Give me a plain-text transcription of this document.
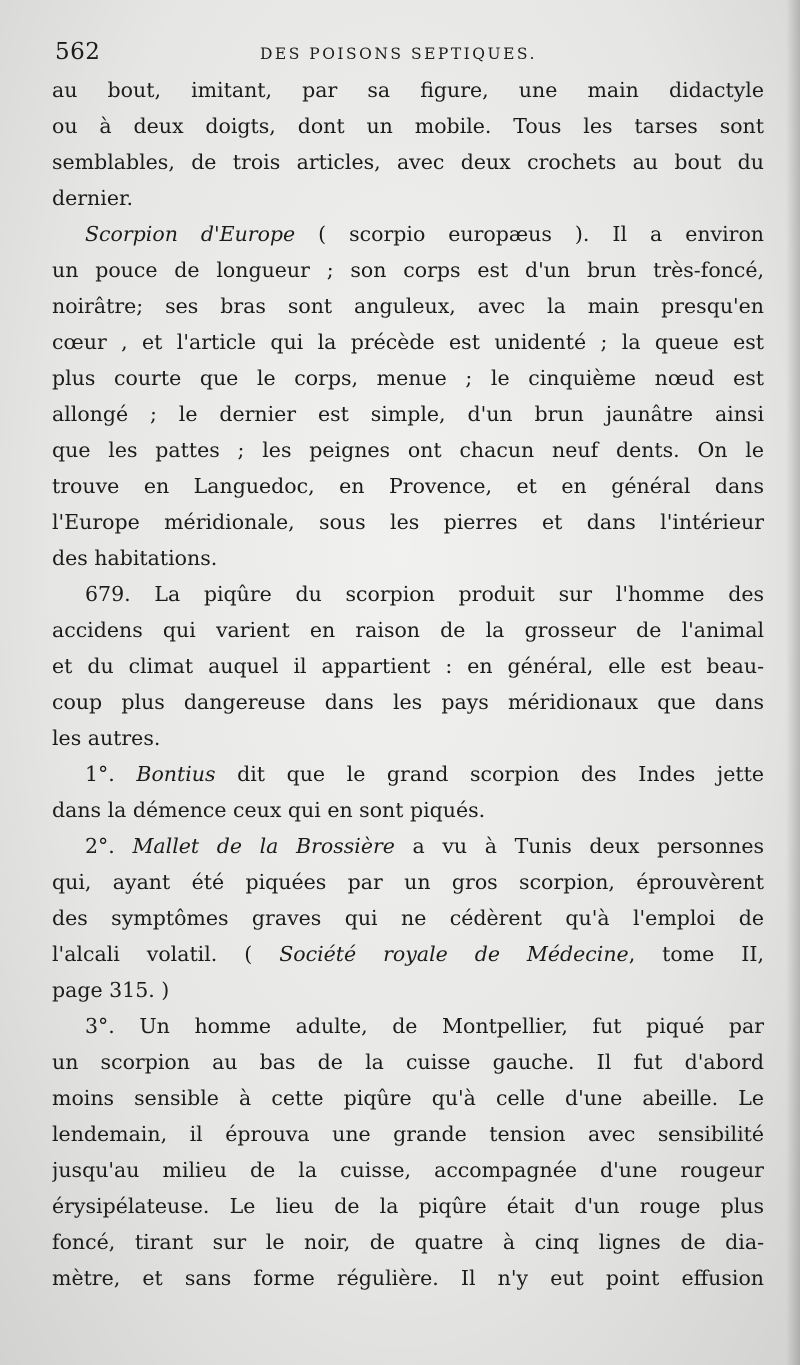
562	DES POISONS SEPTIQUES.
au bout, imitant, par sa figure, une main didactyle
ou à deux doigts, dont un mobile. Tous les tarses sont
semblables, de trois articles, avec deux crochets au bout du
dernier.
Scorpion d'Europe ( scorpio europæus ). Il a environ
un pouce de longueur ; son corps est d'un brun très-foncé,
noirâtre; ses bras sont anguleux, avec la main presqu'en
cœur , et l'article qui la précède est unidenté ; la queue est
plus courte que le corps, menue ; le cinquième nœud est
allongé ; le dernier est simple, d'un brun jaunâtre ainsi
que les pattes ; les peignes ont chacun neuf dents. On le
trouve en Languedoc, en Provence, et en général dans
l'Europe méridionale, sous les pierres et dans l'intérieur
des habitations.
679. La piqûre du scorpion produit sur l'homme des
accidens qui varient en raison de la grosseur de l'animal
et du climat auquel il appartient : en général, elle est beau-
coup plus dangereuse dans les pays méridionaux que dans
les autres.
1°. Bontius dit que le grand scorpion des Indes jette
dans la démence ceux qui en sont piqués.
2°. Mallet de la Brossière a vu à Tunis deux personnes
qui, ayant été piquées par un gros scorpion, éprouvèrent
des symptômes graves qui ne cédèrent qu'à l'emploi de
l'alcali volatil. ( Société royale de Médecine, tome II,
page 315. )
3°. Un homme adulte, de Montpellier, fut piqué par
un scorpion au bas de la cuisse gauche. Il fut d'abord
moins sensible à cette piqûre qu'à celle d'une abeille. Le
lendemain, il éprouva une grande tension avec sensibilité
jusqu'au milieu de la cuisse, accompagnée d'une rougeur
érysipélateuse. Le lieu de la piqûre était d'un rouge plus
foncé, tirant sur le noir, de quatre à cinq lignes de dia-
mètre, et sans forme régulière. Il n'y eut point effusion
